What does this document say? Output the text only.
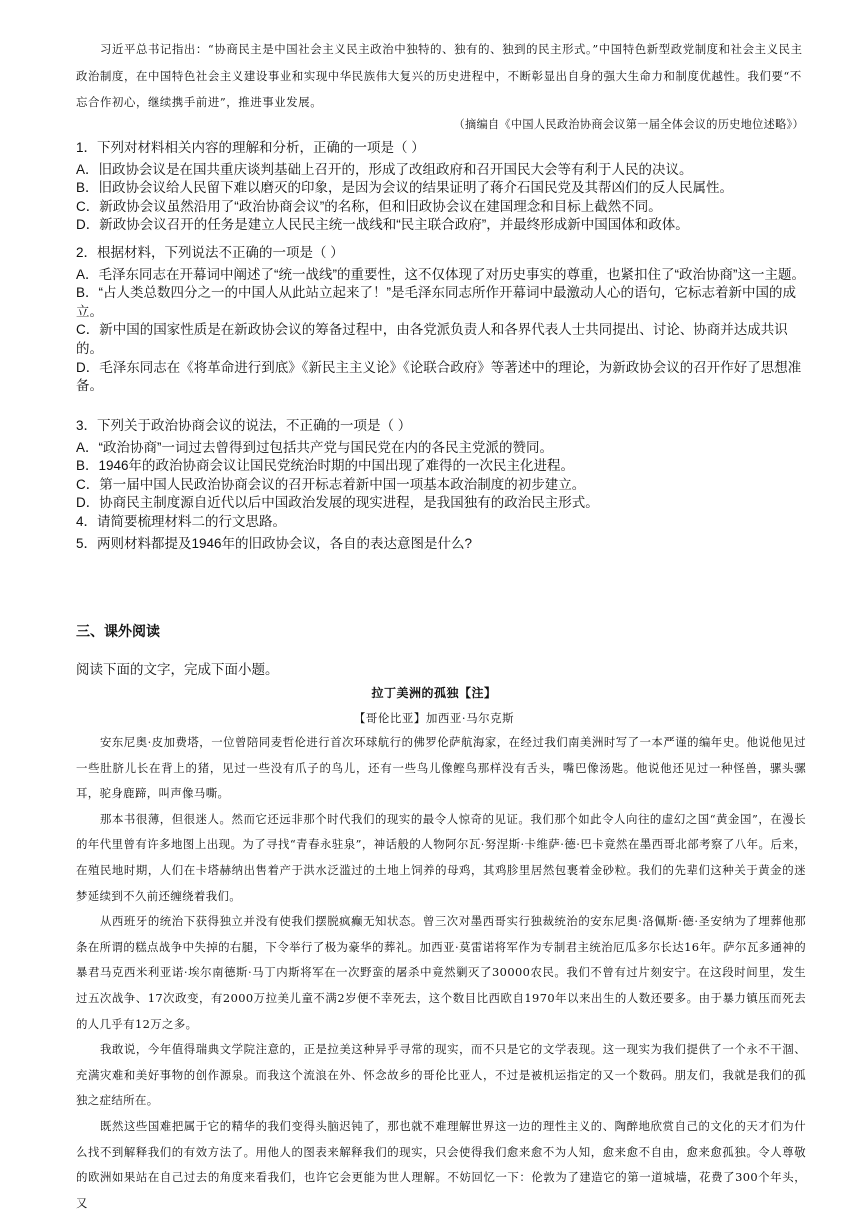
习近平总书记指出：“协商民主是中国社会主义民主政治中独特的、独有的、独到的民主形式。”中国特色新型政党制度和社会主义民主政治制度，在中国特色社会主义建设事业和实现中华民族伟大复兴的历史进程中，不断彰显出自身的强大生命力和制度优越性。我们要“不忘合作初心，继续携手前进”，推进事业发展。
（摘编自《中国人民政治协商会议第一届全体会议的历史地位述略》）

1．下列对材料相关内容的理解和分析，正确的一项是（ ）

A．旧政协会议是在国共重庆谈判基础上召开的，形成了改组政府和召开国民大会等有利于人民的决议。

B．旧政协会议给人民留下难以磨灭的印象，是因为会议的结果证明了蒋介石国民党及其帮凶们的反人民属性。

C．新政协会议虽然沿用了“政治协商会议”的名称，但和旧政协会议在建国理念和目标上截然不同。

D．新政协会议召开的任务是建立人民民主统一战线和“民主联合政府”，并最终形成新中国国体和政体。

2．根据材料，下列说法不正确的一项是（ ）

A．毛泽东同志在开幕词中阐述了“统一战线”的重要性，这不仅体现了对历史事实的尊重，也紧扣住了“政治协商”这一主题。

B．“占人类总数四分之一的中国人从此站立起来了！”是毛泽东同志所作开幕词中最激动人心的语句，它标志着新中国的成立。

C．新中国的国家性质是在新政协会议的筹备过程中，由各党派负责人和各界代表人士共同提出、讨论、协商并达成共识的。

D．毛泽东同志在《将革命进行到底》《新民主主义论》《论联合政府》等著述中的理论，为新政协会议的召开作好了思想准备。

3．下列关于政治协商会议的说法，不正确的一项是（ ）

A．“政治协商”一词过去曾得到过包括共产党与国民党在内的各民主党派的赞同。

B．1946年的政治协商会议让国民党统治时期的中国出现了难得的一次民主化进程。

C．第一届中国人民政治协商会议的召开标志着新中国一项基本政治制度的初步建立。

D．协商民主制度源自近代以后中国政治发展的现实进程，是我国独有的政治民主形式。

4．请简要梳理材料二的行文思路。

5．两则材料都提及1946年的旧政协会议，各自的表达意图是什么?

三、课外阅读
阅读下面的文字，完成下面小题。
拉丁美洲的孤独【注】
【哥伦比亚】加西亚·马尔克斯

安东尼奥·皮加费塔，一位曾陪同麦哲伦进行首次环球航行的佛罗伦萨航海家，在经过我们南美洲时写了一本严谨的编年史。他说他见过一些肚脐儿长在背上的猪，见过一些没有爪子的鸟儿，还有一些鸟儿像鲣鸟那样没有舌头，嘴巴像汤匙。他说他还见过一种怪兽，骡头骡耳，驼身鹿蹄，叫声像马嘶。

那本书很薄，但很迷人。然而它还远非那个时代我们的现实的最令人惊奇的见证。我们那个如此令人向往的虚幻之国“黄金国”，在漫长的年代里曾有许多地图上出现。为了寻找“青春永驻泉”，神话般的人物阿尔瓦·努涅斯·卡维萨·德·巴卡竟然在墨西哥北部考察了八年。后来，在殖民地时期，人们在卡塔赫纳出售着产于洪水泛滥过的土地上饲养的母鸡，其鸡胗里居然包裹着金砂粒。我们的先辈们这种关于黄金的迷梦延续到不久前还缠绕着我们。

从西班牙的统治下获得独立并没有使我们摆脱疯癫无知状态。曾三次对墨西哥实行独裁统治的安东尼奥·洛佩斯·德·圣安纳为了埋葬他那条在所谓的糕点战争中失掉的右腿，下令举行了极为豪华的葬礼。加西亚·莫雷诺将军作为专制君主统治厄瓜多尔长达16年。萨尔瓦多通神的暴君马克西米利亚诺·埃尔南德斯·马丁内斯将军在一次野蛮的屠杀中竟然剿灭了30000农民。我们不曾有过片刻安宁。在这段时间里，发生过五次战争、17次政变，有2000万拉美儿童不满2岁便不幸死去，这个数目比西欧自1970年以来出生的人数还要多。由于暴力镇压而死去的人几乎有12万之多。

我敢说，今年值得瑞典文学院注意的，正是拉美这种异乎寻常的现实，而不只是它的文学表现。这一现实为我们提供了一个永不干涸、充满灾难和美好事物的创作源泉。而我这个流浪在外、怀念故乡的哥伦比亚人，不过是被机运指定的又一个数码。朋友们，我就是我们的孤独之症结所在。

既然这些国难把属于它的精华的我们变得头脑迟钝了，那也就不难理解世界这一边的理性主义的、陶醉地欣赏自己的文化的天才们为什么找不到解释我们的有效方法了。用他人的图表来解释我们的现实，只会使得我们愈来愈不为人知，愈来愈不自由，愈来愈孤独。令人尊敬的欧洲如果站在自己过去的角度来看我们，也许它会更能为世人理解。不妨回忆一下：伦敦为了建造它的第一道城墙，花费了300个年头，又
